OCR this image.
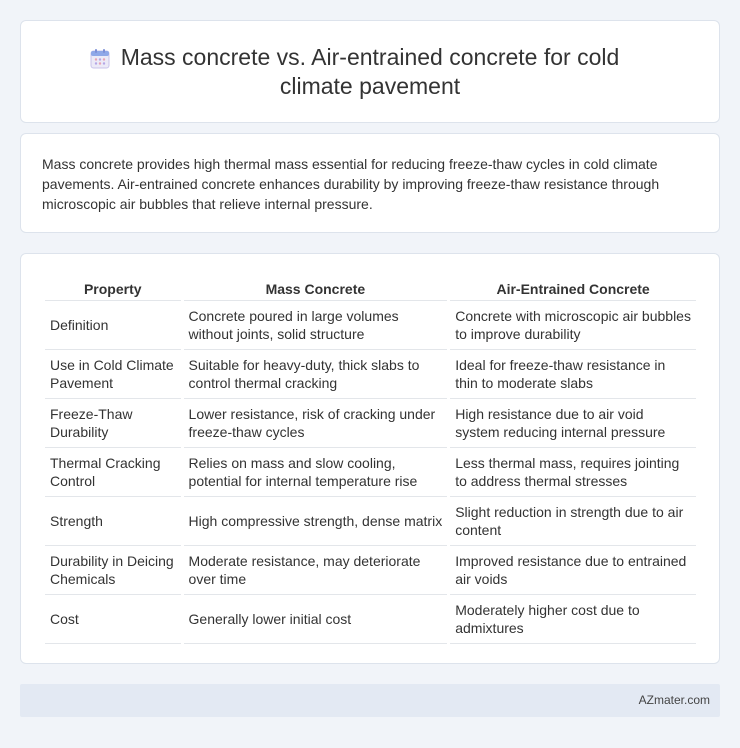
Mass concrete vs. Air-entrained concrete for cold climate pavement

Mass concrete provides high thermal mass essential for reducing freeze-thaw cycles in cold climate pavements. Air-entrained concrete enhances durability by improving freeze-thaw resistance through microscopic air bubbles that relieve internal pressure.

Property	Mass Concrete	Air-Entrained Concrete
Definition	Concrete poured in large volumes without joints, solid structure	Concrete with microscopic air bubbles to improve durability
Use in Cold Climate Pavement	Suitable for heavy-duty, thick slabs to control thermal cracking	Ideal for freeze-thaw resistance in thin to moderate slabs
Freeze-Thaw Durability	Lower resistance, risk of cracking under freeze-thaw cycles	High resistance due to air void system reducing internal pressure
Thermal Cracking Control	Relies on mass and slow cooling, potential for internal temperature rise	Less thermal mass, requires jointing to address thermal stresses
Strength	High compressive strength, dense matrix	Slight reduction in strength due to air content
Durability in Deicing Chemicals	Moderate resistance, may deteriorate over time	Improved resistance due to entrained air voids
Cost	Generally lower initial cost	Moderately higher cost due to admixtures
AZmater.com
